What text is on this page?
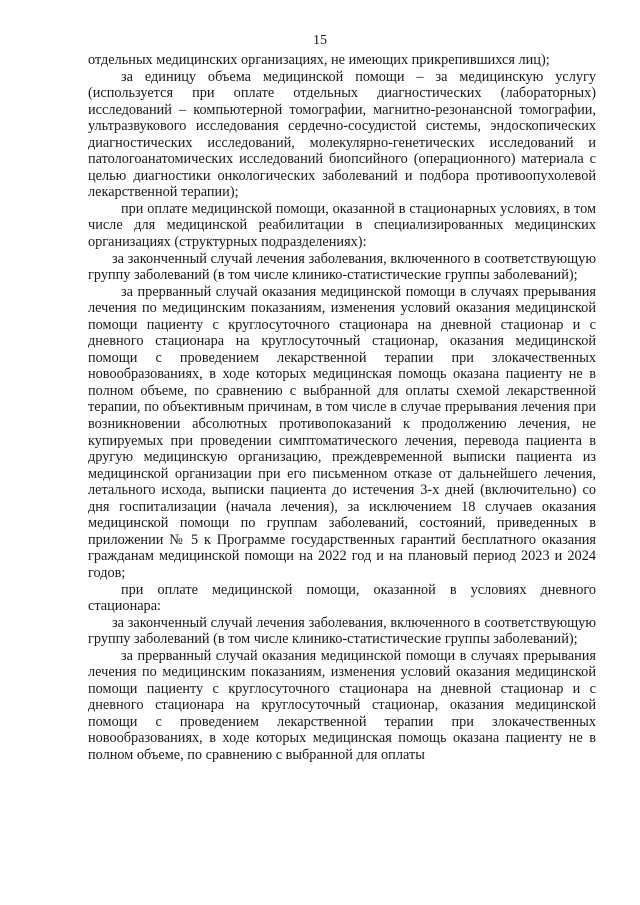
15

отдельных медицинских организациях, не имеющих прикрепившихся лиц);

за единицу объема медицинской помощи – за медицинскую услугу (используется при оплате отдельных диагностических (лабораторных) исследований – компьютерной томографии, магнитно-резонансной томографии, ультразвукового исследования сердечно-сосудистой системы, эндоскопических диагностических исследований, молекулярно-генетических исследований и патологоанатомических исследований биопсийного (операционного) материала с целью диагностики онкологических заболеваний и подбора противоопухолевой лекарственной терапии);

при оплате медицинской помощи, оказанной в стационарных условиях, в том числе для медицинской реабилитации в специализированных медицинских организациях (структурных подразделениях):

за законченный случай лечения заболевания, включенного в соответствующую группу заболеваний (в том числе клинико-статистические группы заболеваний);

за прерванный случай оказания медицинской помощи в случаях прерывания лечения по медицинским показаниям, изменения условий оказания медицинской помощи пациенту с круглосуточного стационара на дневной стационар и с дневного стационара на круглосуточный стационар, оказания медицинской помощи с проведением лекарственной терапии при злокачественных новообразованиях, в ходе которых медицинская помощь оказана пациенту не в полном объеме, по сравнению с выбранной для оплаты схемой лекарственной терапии, по объективным причинам, в том числе в случае прерывания лечения при возникновении абсолютных противопоказаний к продолжению лечения, не купируемых при проведении симптоматического лечения, перевода пациента в другую медицинскую организацию, преждевременной выписки пациента из медицинской организации при его письменном отказе от дальнейшего лечения, летального исхода, выписки пациента до истечения 3-х дней (включительно) со дня госпитализации (начала лечения), за исключением 18 случаев оказания медицинской помощи по группам заболеваний, состояний, приведенных в приложении № 5 к Программе государственных гарантий бесплатного оказания гражданам медицинской помощи на 2022 год и на плановый период 2023 и 2024 годов;

при оплате медицинской помощи, оказанной в условиях дневного стационара:

за законченный случай лечения заболевания, включенного в соответствующую группу заболеваний (в том числе клинико-статистические группы заболеваний);

за прерванный случай оказания медицинской помощи в случаях прерывания лечения по медицинским показаниям, изменения условий оказания медицинской помощи пациенту с круглосуточного стационара на дневной стационар и с дневного стационара на круглосуточный стационар, оказания медицинской помощи с проведением лекарственной терапии при злокачественных новообразованиях, в ходе которых медицинская помощь оказана пациенту не в полном объеме, по сравнению с выбранной для оплаты
